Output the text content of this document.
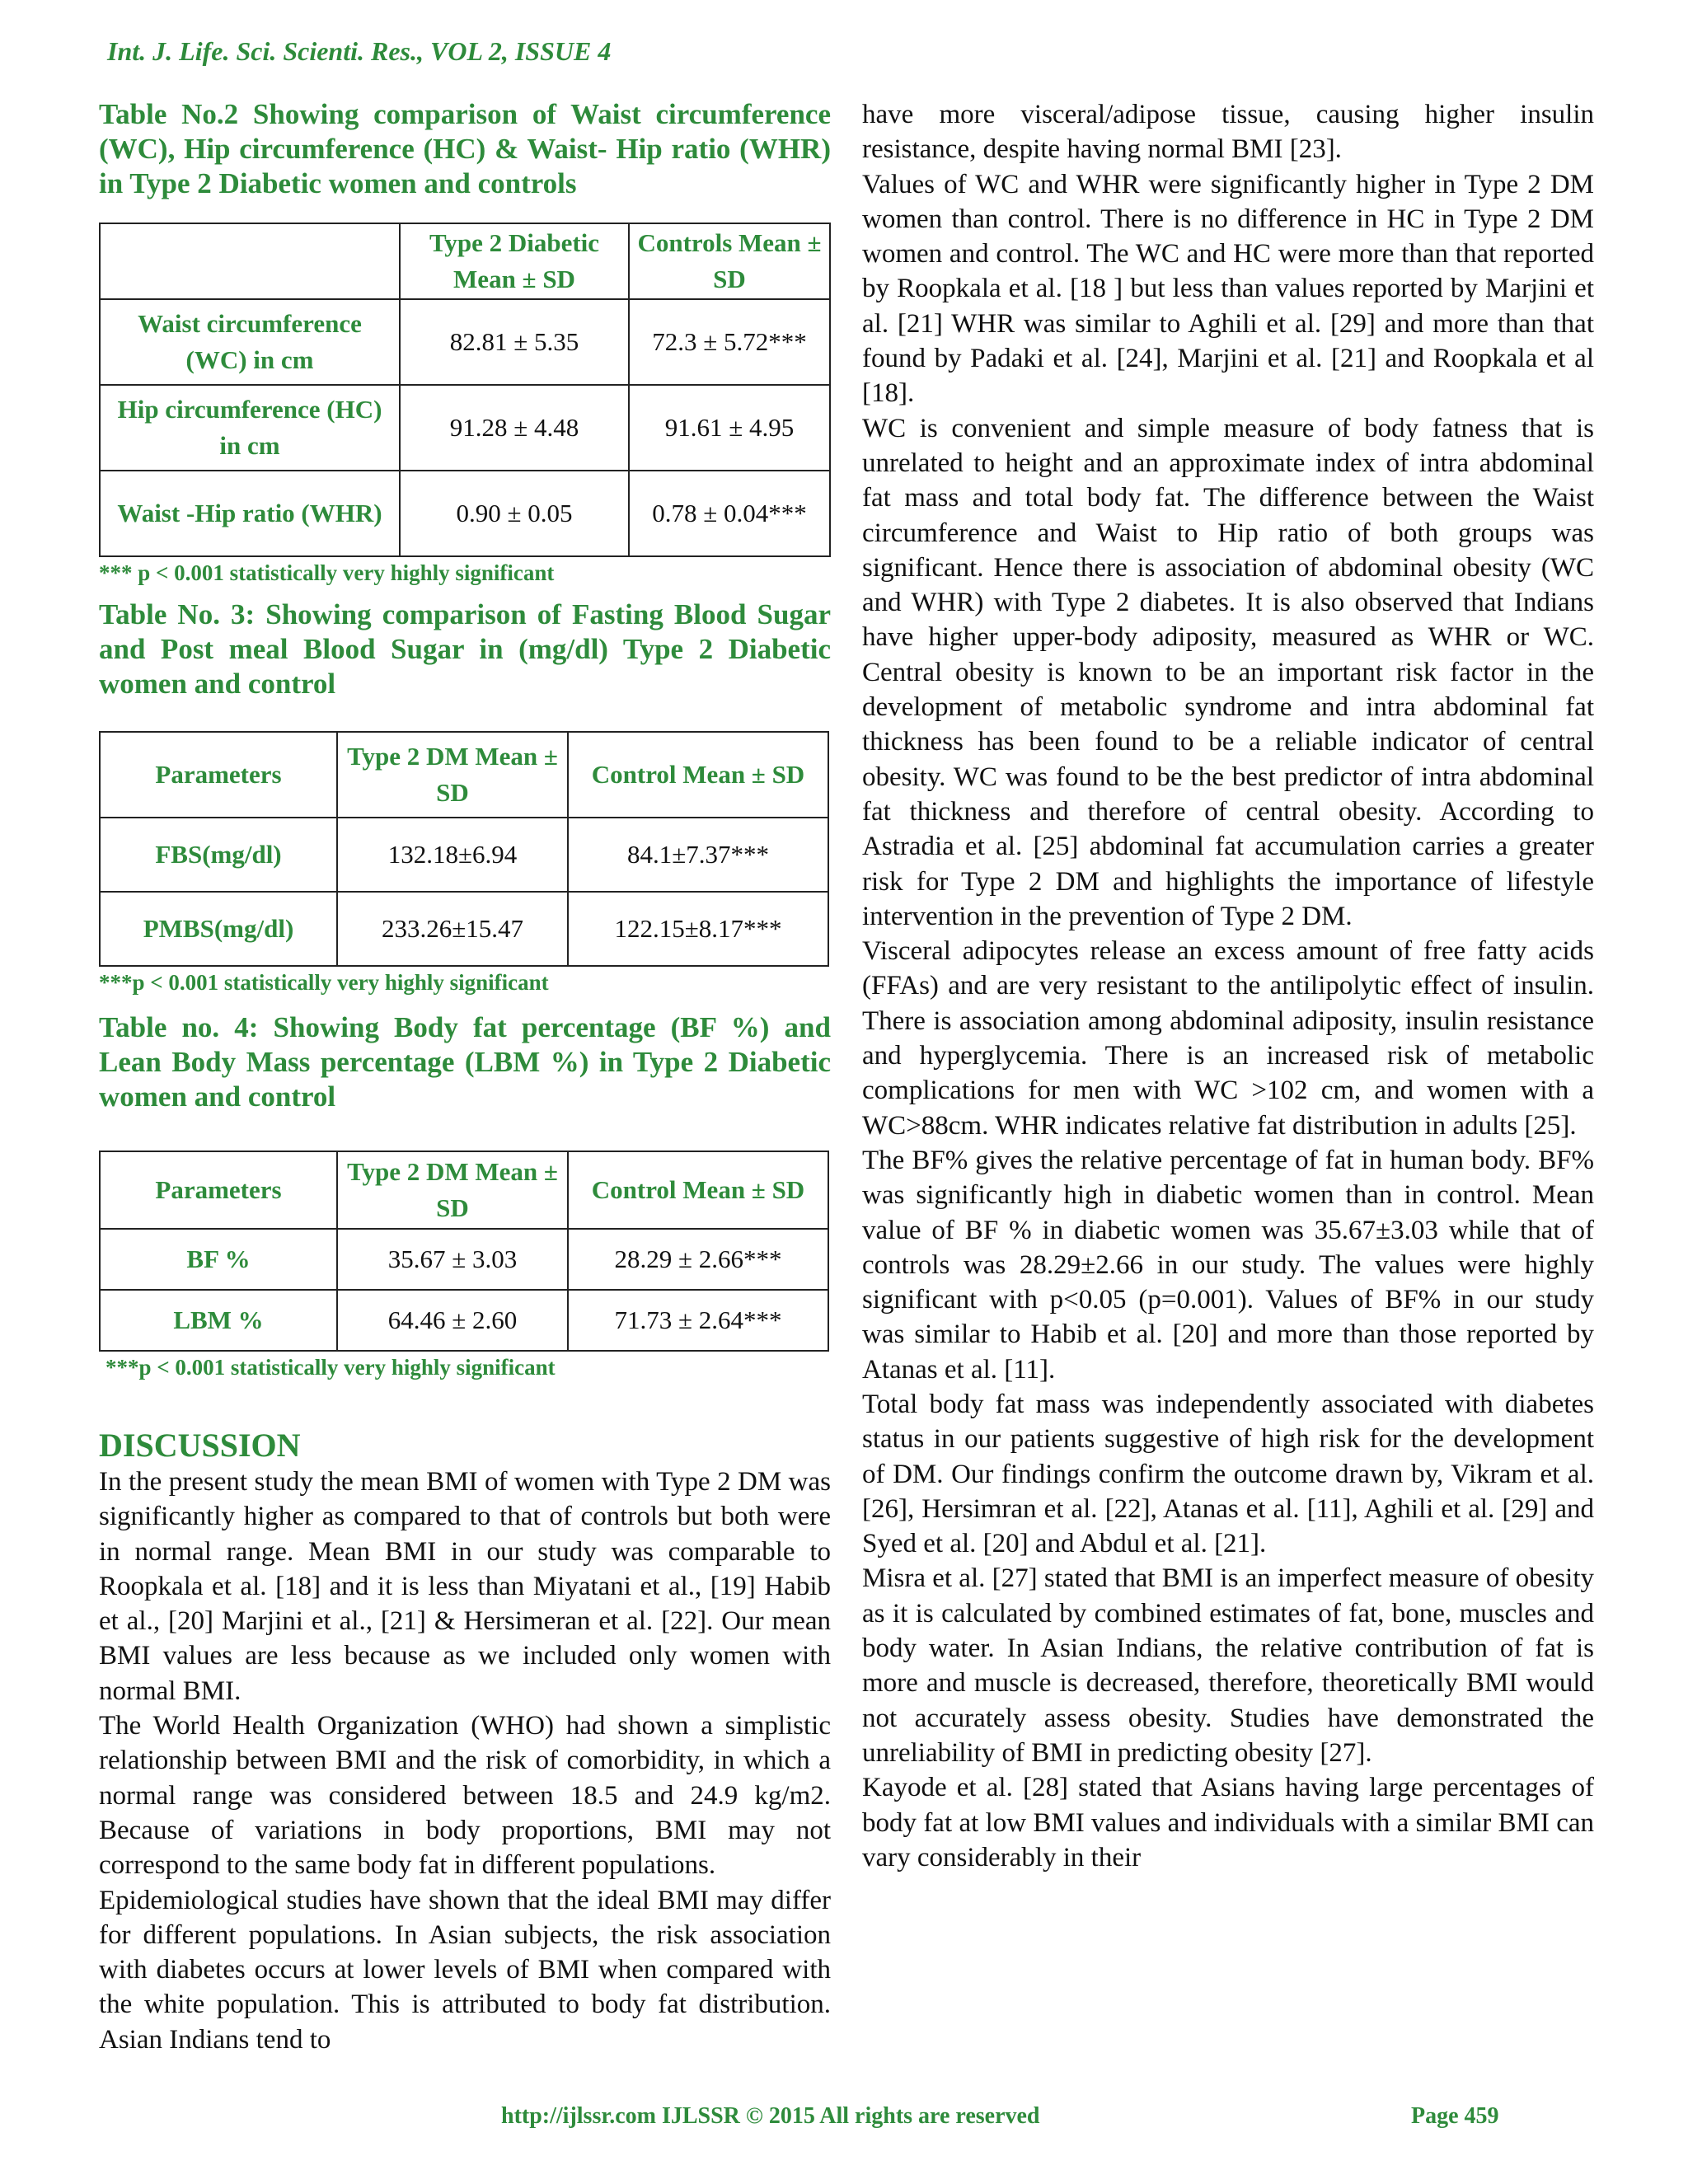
Int. J. Life. Sci. Scienti. Res., VOL 2, ISSUE 4

Table No.2 Showing comparison of Waist circumference (WC), Hip circumference (HC) & Waist- Hip ratio (WHR) in Type 2 Diabetic women and controls

	Type 2 Diabetic Mean ± SD	Controls Mean ± SD
Waist circumference (WC) in cm	82.81 ± 5.35	72.3 ± 5.72***
Hip circumference (HC) in cm	91.28 ± 4.48	91.61 ± 4.95
Waist -Hip ratio (WHR)	0.90 ± 0.05	0.78 ± 0.04***
*** p < 0.001 statistically very highly significant

Table No. 3: Showing comparison of Fasting Blood Sugar and Post meal Blood Sugar in (mg/dl) Type 2 Diabetic women and control

Parameters	Type 2 DM Mean ± SD	Control Mean ± SD
FBS(mg/dl)	132.18±6.94	84.1±7.37***
PMBS(mg/dl)	233.26±15.47	122.15±8.17***
***p < 0.001 statistically very highly significant

Table no. 4: Showing Body fat percentage (BF %) and Lean Body Mass percentage (LBM %) in Type 2 Diabetic women and control

Parameters	Type 2 DM Mean ± SD	Control Mean ± SD
BF %	35.67 ± 3.03	28.29 ± 2.66***
LBM %	64.46 ± 2.60	71.73 ± 2.64***
***p < 0.001 statistically very highly significant
DISCUSSION

In the present study the mean BMI of women with Type 2 DM was significantly higher as compared to that of controls but both were in normal range. Mean BMI in our study was comparable to Roopkala et al. [18] and it is less than Miyatani et al., [19] Habib et al., [20] Marjini et al., [21] & Hersimeran et al. [22]. Our mean BMI values are less because as we included only women with normal BMI.

The World Health Organization (WHO) had shown a simplistic relationship between BMI and the risk of comorbidity, in which a normal range was considered between 18.5 and 24.9 kg/m2. Because of variations in body proportions, BMI may not correspond to the same body fat in different populations.

Epidemiological studies have shown that the ideal BMI may differ for different populations. In Asian subjects, the risk association with diabetes occurs at lower levels of BMI when compared with the white population. This is attributed to body fat distribution. Asian Indians tend to

have more visceral/adipose tissue, causing higher insulin resistance, despite having normal BMI [23].

Values of WC and WHR were significantly higher in Type 2 DM women than control. There is no difference in HC in Type 2 DM women and control. The WC and HC were more than that reported by Roopkala et al. [18 ] but less than values reported by Marjini et al. [21] WHR was similar to Aghili et al. [29] and more than that found by Padaki et al. [24], Marjini et al. [21] and Roopkala et al [18].

WC is convenient and simple measure of body fatness that is unrelated to height and an approximate index of intra abdominal fat mass and total body fat. The difference between the Waist circumference and Waist to Hip ratio of both groups was significant. Hence there is association of abdominal obesity (WC and WHR) with Type 2 diabetes. It is also observed that Indians have higher upper-body adiposity, measured as WHR or WC. Central obesity is known to be an important risk factor in the development of metabolic syndrome and intra abdominal fat thickness has been found to be a reliable indicator of central obesity. WC was found to be the best predictor of intra abdominal fat thickness and therefore of central obesity. According to Astradia et al. [25] abdominal fat accumulation carries a greater risk for Type 2 DM and highlights the importance of lifestyle intervention in the prevention of Type 2 DM.

Visceral adipocytes release an excess amount of free fatty acids (FFAs) and are very resistant to the antilipolytic effect of insulin. There is association among abdominal adiposity, insulin resistance and hyperglycemia. There is an increased risk of metabolic complications for men with WC >102 cm, and women with a WC>88cm. WHR indicates relative fat distribution in adults [25].

The BF% gives the relative percentage of fat in human body. BF% was significantly high in diabetic women than in control. Mean value of BF % in diabetic women was 35.67±3.03 while that of controls was 28.29±2.66 in our study. The values were highly significant with p<0.05 (p=0.001). Values of BF% in our study was similar to Habib et al. [20] and more than those reported by Atanas et al. [11].

Total body fat mass was independently associated with diabetes status in our patients suggestive of high risk for the development of DM. Our findings confirm the outcome drawn by, Vikram et al. [26], Hersimran et al. [22], Atanas et al. [11], Aghili et al. [29] and Syed et al. [20] and Abdul et al. [21].

Misra et al. [27] stated that BMI is an imperfect measure of obesity as it is calculated by combined estimates of fat, bone, muscles and body water. In Asian Indians, the relative contribution of fat is more and muscle is decreased, therefore, theoretically BMI would not accurately assess obesity. Studies have demonstrated the unreliability of BMI in predicting obesity [27].

Kayode et al. [28] stated that Asians having large percentages of body fat at low BMI values and individuals with a similar BMI can vary considerably in their

http://ijlssr.com IJLSSR © 2015 All rights are reserved	Page 459
